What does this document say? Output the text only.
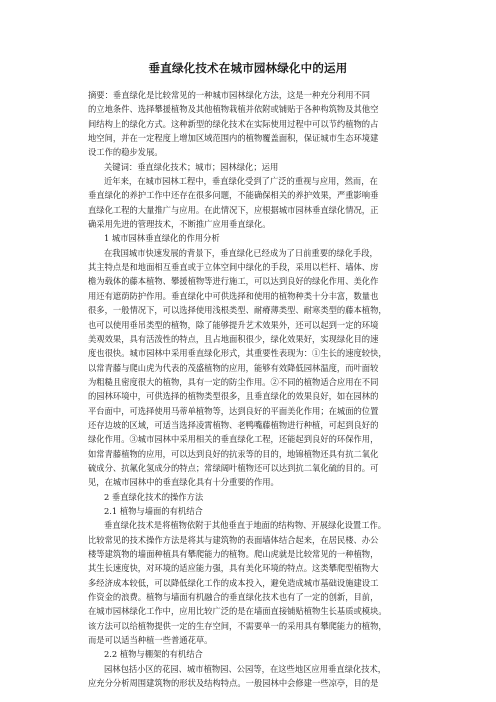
垂直绿化技术在城市园林绿化中的运用
摘要：垂直绿化是比较常见的一种城市园林绿化方法，这是一种充分利用不同
的立地条件、选择攀援植物及其他植物栽植并依附或铺贴于各种构筑物及其他空
间结构上的绿化方式。这种新型的绿化技术在实际使用过程中可以节约植物的占
地空间，并在一定程度上增加区域范围内的植物覆盖面积，保证城市生态环境建
设工作的稳步发展。
关键词：垂直绿化技术；城市；园林绿化；运用
近年来，在城市园林工程中，垂直绿化受到了广泛的重视与应用，然而，在
垂直绿化的养护工作中还存在很多问题，不能确保相关的养护效果，严重影响垂
直绿化工程的大量推广与应用。在此情况下，应根据城市园林垂直绿化情况，正
确采用先进的管理技术，不断推广应用垂直绿化。
1 城市园林垂直绿化的作用分析
在我国城市快速发展的背景下，垂直绿化已经成为了日前重要的绿化手段，
其主特点是和地面相互垂直或于立体空间中绿化的手段，采用以栏杆、墙体、房
檐为载体的藤本植物、攀援植物等进行施工，可以达到良好的绿化作用、美化作
用还有遮荫防护作用。垂直绿化中可供选择和使用的植物种类十分丰富，数量也
很多，一般情况下，可以选择使用浅根类型、耐瘠薄类型、耐寒类型的藤本植物，
也可以使用垂吊类型的植物，除了能够提升艺术效果外，还可以起到一定的环境
美观效果，具有活泼性的特点，且占地面积很少，绿化效果好，实现绿化目的速
度也很快。城市园林中采用垂直绿化形式，其重要性表现为：①生长的速度较快，
以常青藤与爬山虎为代表的茂盛植物的应用，能够有效降低园林温度，而叶面较
为粗糙且密度很大的植物，具有一定的防尘作用。②不同的植物适合应用在不同
的园林环境中，可供选择的植物类型很多，且垂直绿化的效果良好，如在园林的
平台面中，可选择使用马蒂单植物等，达到良好的平面美化作用；在城面的位置
还存边坡的区域，可适当选择凌霄植物、老鸭嘴藤植物进行种植，可起到良好的
绿化作用。③城市园林中采用相关的垂直绿化工程，还能起到良好的环保作用，
如常青藤植物的应用，可以达到良好的抗汞等的目的，地锦植物还具有抗二氧化
硫成分、抗氟化氢成分的特点；常绿阔叶植物还可以达到抗二氧化硫的目的。可
见，在城市园林中的垂直绿化具有十分重要的作用。
2 垂直绿化技术的操作方法
2.1 植物与墙面的有机结合
垂直绿化技术是将植物依附于其他垂直于地面的结构物、开展绿化设置工作。
比较常见的技术操作方法是将其与建筑物的表面墙体结合起来，在居民楼、办公
楼等建筑物的墙面种植具有攀爬能力的植物。爬山虎就是比较常见的一种植物，
其生长速度快，对环境的适应能力强，具有美化环境的特点。这类攀爬型植物大
多经济成本较低，可以降低绿化工作的成本投入，避免造成城市基础设施建设工
作资金的浪费。植物与墙面有机融合的垂直绿化技术也有了一定的创新，目前，
在城市园林绿化工作中，应用比较广泛的是在墙面直接铺贴植物生长基质或模块。
该方法可以给植物提供一定的生存空间，不需要单一的采用具有攀爬能力的植物，
而是可以适当种植一些普通花草。
2.2 植物与棚架的有机结合
园林包括小区的花园、城市植物园、公园等，在这些地区应用垂直绿化技术，
应充分分析周围建筑物的形状及结构特点。一般园林中会修建一些凉亭，目的是
